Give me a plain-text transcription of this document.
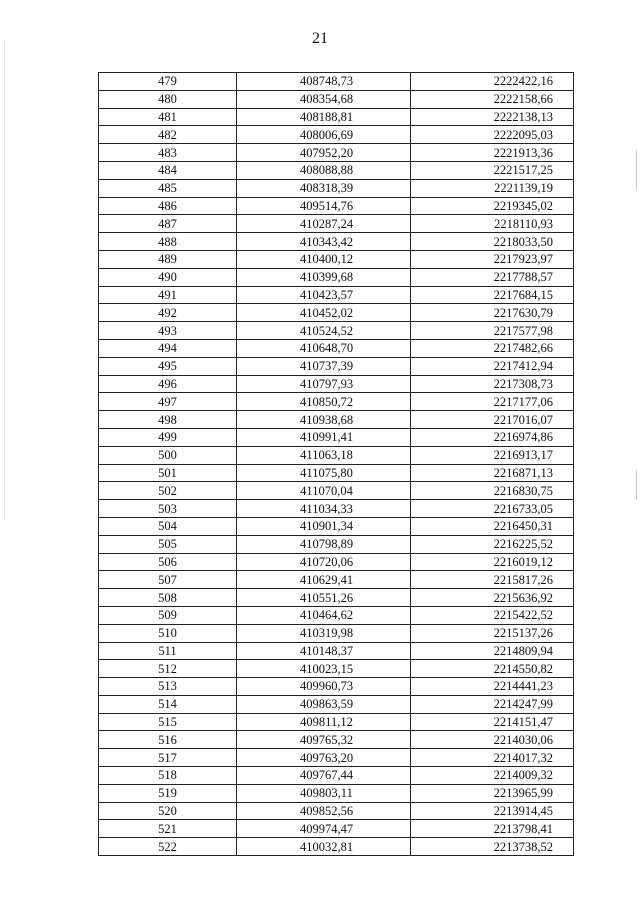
21
479	408748,73	2222422,16
480	408354,68	2222158,66
481	408188,81	2222138,13
482	408006,69	2222095,03
483	407952,20	2221913,36
484	408088,88	2221517,25
485	408318,39	2221139,19
486	409514,76	2219345,02
487	410287,24	2218110,93
488	410343,42	2218033,50
489	410400,12	2217923,97
490	410399,68	2217788,57
491	410423,57	2217684,15
492	410452,02	2217630,79
493	410524,52	2217577,98
494	410648,70	2217482,66
495	410737,39	2217412,94
496	410797,93	2217308,73
497	410850,72	2217177,06
498	410938,68	2217016,07
499	410991,41	2216974,86
500	411063,18	2216913,17
501	411075,80	2216871,13
502	411070,04	2216830,75
503	411034,33	2216733,05
504	410901,34	2216450,31
505	410798,89	2216225,52
506	410720,06	2216019,12
507	410629,41	2215817,26
508	410551,26	2215636,92
509	410464,62	2215422,52
510	410319,98	2215137,26
511	410148,37	2214809,94
512	410023,15	2214550,82
513	409960,73	2214441,23
514	409863,59	2214247,99
515	409811,12	2214151,47
516	409765,32	2214030,06
517	409763,20	2214017,32
518	409767,44	2214009,32
519	409803,11	2213965,99
520	409852,56	2213914,45
521	409974,47	2213798,41
522	410032,81	2213738,52
